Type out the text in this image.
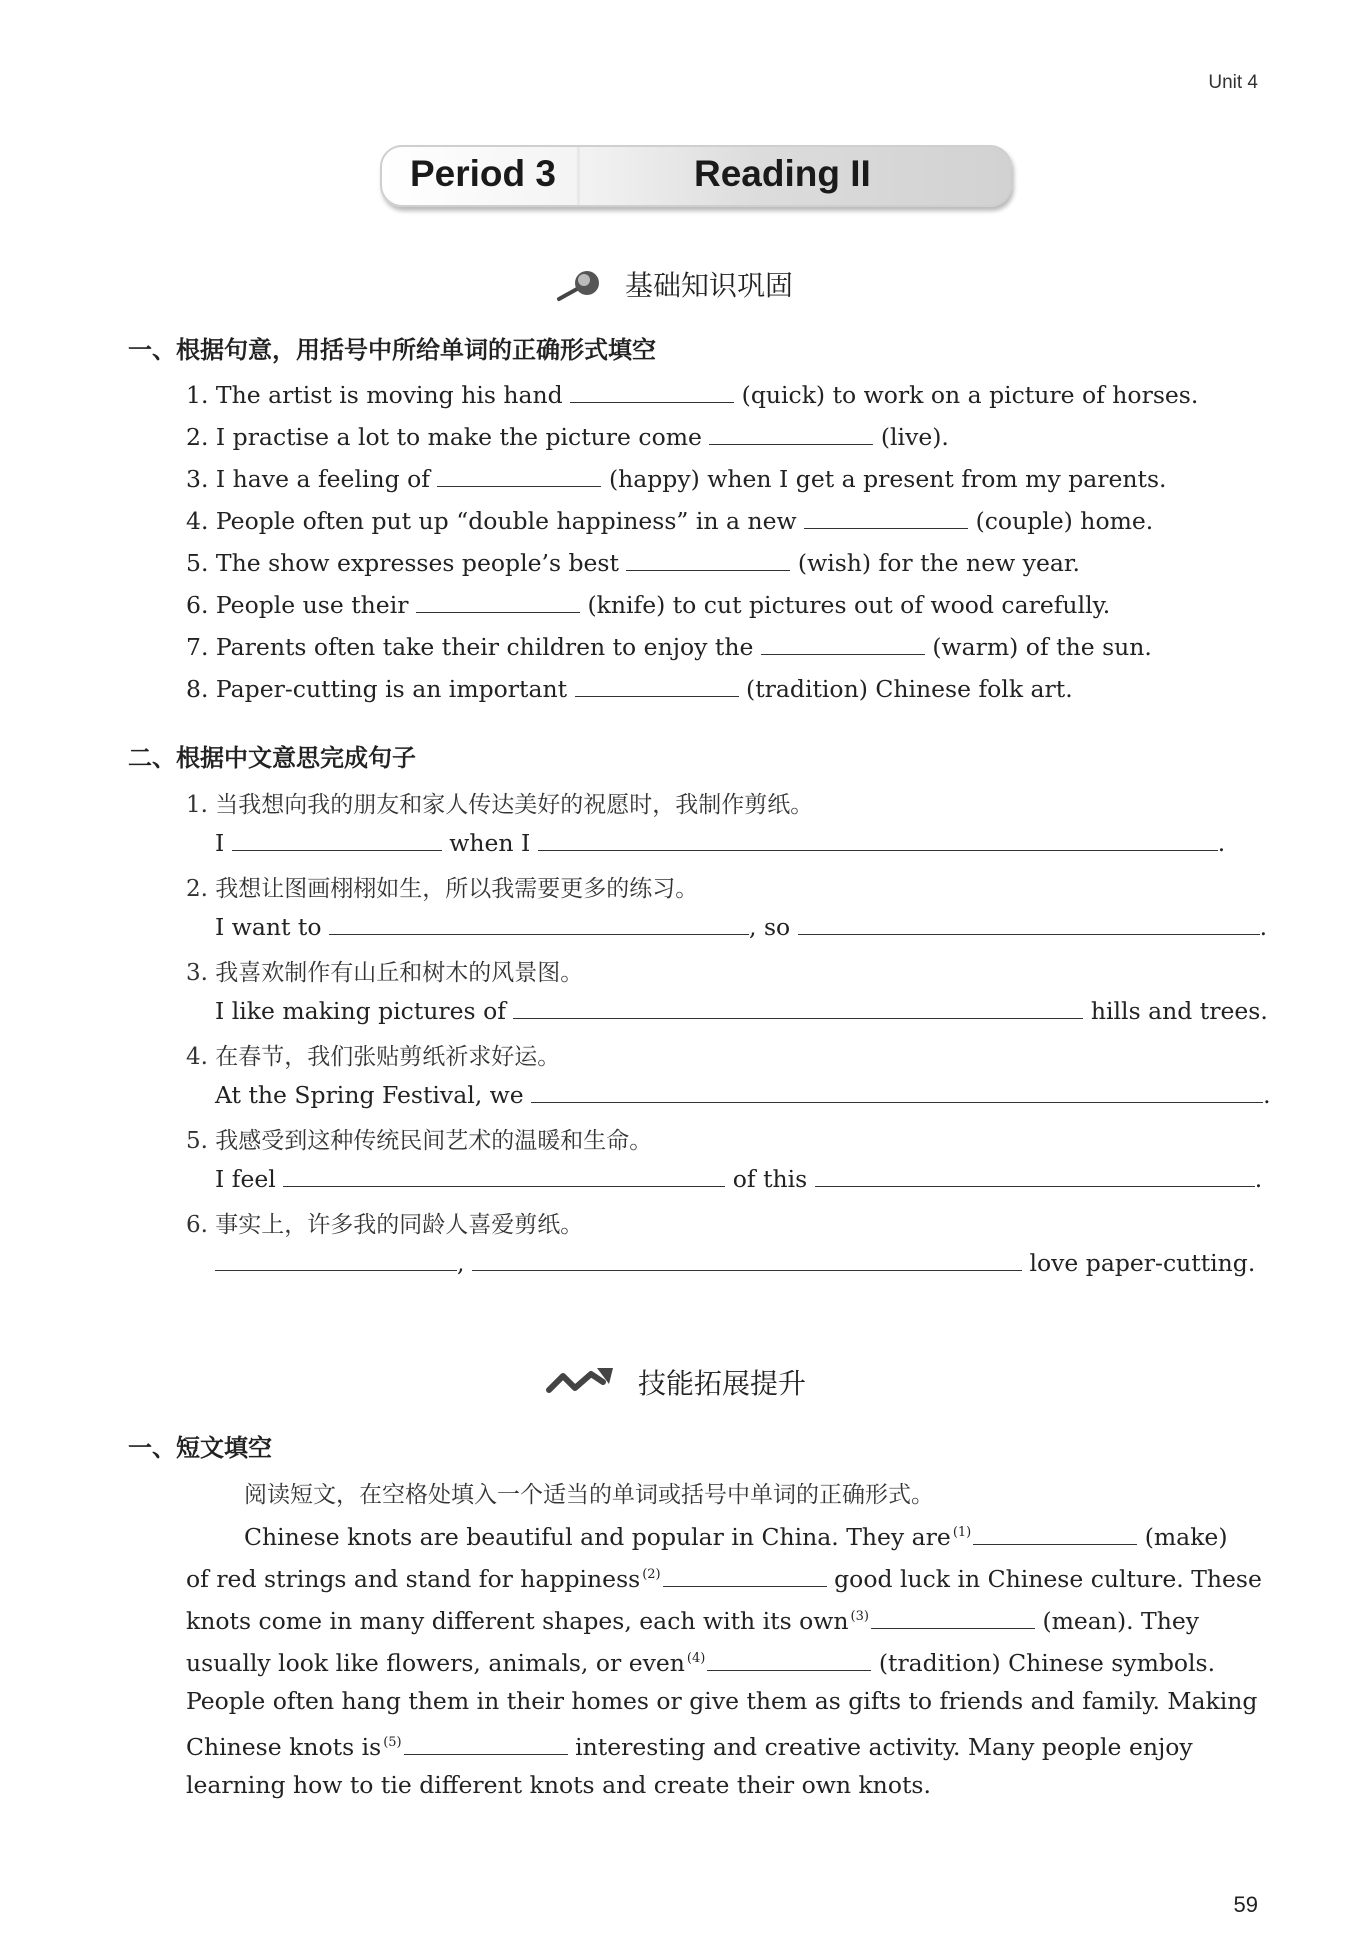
Unit 4
Period 3	Reading II
基础知识巩固
一、根据句意，用括号中所给单词的正确形式填空
1. The artist is moving his hand	(quick) to work on a picture of horses.
2. I practise a lot to make the picture come	(live).
3. I have a feeling of	(happy) when I get a present from my parents.
4. People often put up “double happiness” in a new	(couple) home.
5. The show expresses people’s best	(wish) for the new year.
6. People use their	(knife) to cut pictures out of wood carefully.
7. Parents often take their children to enjoy the	(warm) of the sun.
8. Paper-cutting is an important	(tradition) Chinese folk art.
二、根据中文意思完成句子
1. 当我想向我的朋友和家人传达美好的祝愿时，我制作剪纸。
I	when I	.
2. 我想让图画栩栩如生，所以我需要更多的练习。
I want to	, so	.
3. 我喜欢制作有山丘和树木的风景图。
I like making pictures of	hills and trees.
4. 在春节，我们张贴剪纸祈求好运。
At the Spring Festival, we	.
5. 我感受到这种传统民间艺术的温暖和生命。
I feel	of this	.
6. 事实上，许多我的同龄人喜爱剪纸。
,	love paper-cutting.
技能拓展提升
一、短文填空
阅读短文，在空格处填入一个适当的单词或括号中单词的正确形式。
Chinese knots are beautiful and popular in China. They are $^{(1)}$	(make)
of red strings and stand for happiness $^{(2)}$	good luck in Chinese culture. These
knots come in many different shapes, each with its own $^{(3)}$	(mean). They
usually look like flowers, animals, or even $^{(4)}$	(tradition) Chinese symbols.
People often hang them in their homes or give them as gifts to friends and family. Making
Chinese knots is $^{(5)}$	interesting and creative activity. Many people enjoy
learning how to tie different knots and create their own knots.
59
